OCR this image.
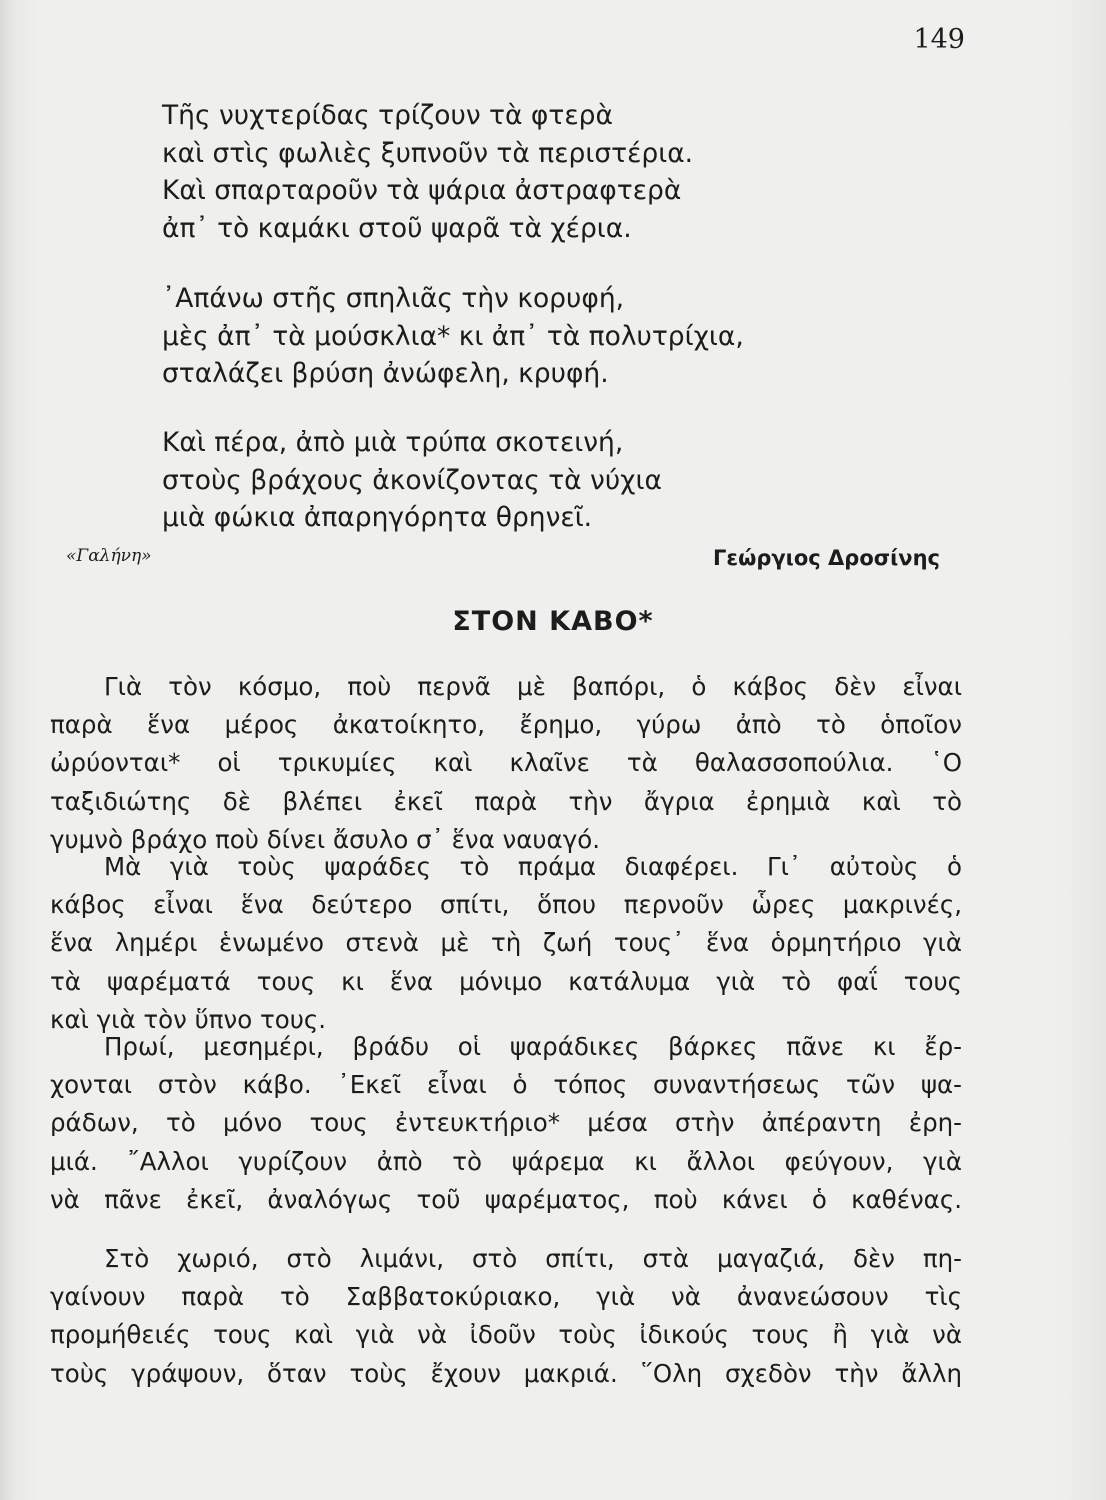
149
Τῆς νυχτερίδας τρίζουν τὰ φτερὰ
καὶ στὶς φωλιὲς ξυπνοῦν τὰ περιστέρια.
Καὶ σπαρταροῦν τὰ ψάρια ἀστραφτερὰ
ἀπ᾿ τὸ καμάκι στοῦ ψαρᾶ τὰ χέρια.
᾿Απάνω στῆς σπηλιᾶς τὴν κορυφή,
μὲς ἀπ᾿ τὰ μούσκλια* κι ἀπ᾿ τὰ πολυτρίχια,
σταλάζει βρύση ἀνώφελη, κρυφή.
Καὶ πέρα, ἀπὸ μιὰ τρύπα σκοτεινή,
στοὺς βράχους ἀκονίζοντας τὰ νύχια
μιὰ φώκια ἀπαρηγόρητα θρηνεῖ.
«Γαλήνη»	Γεώργιος Δροσίνης
ΣΤΟΝ ΚΑΒΟ*
Γιὰ τὸν κόσμο, ποὺ περνᾶ μὲ βαπόρι, ὁ κάβος δὲν εἶναι
παρὰ ἕνα μέρος ἀκατοίκητο, ἔρημο, γύρω ἀπὸ τὸ ὁποῖον
ὠρύονται* οἱ τρικυμίες καὶ κλαῖνε τὰ θαλασσοπούλια. ῾Ο
ταξιδιώτης δὲ βλέπει ἐκεῖ παρὰ τὴν ἄγρια ἐρημιὰ καὶ τὸ
γυμνὸ βράχο ποὺ δίνει ἄσυλο σ᾿ ἕνα ναυαγό.
Μὰ γιὰ τοὺς ψαράδες τὸ πράμα διαφέρει. Γι᾿ αὐτοὺς ὁ
κάβος εἶναι ἕνα δεύτερο σπίτι, ὅπου περνοῦν ὧρες μακρινές,
ἕνα λημέρι ἑνωμένο στενὰ μὲ τὴ ζωή τους᾿ ἕνα ὁρμητήριο γιὰ
τὰ ψαρέματά τους κι ἕνα μόνιμο κατάλυμα γιὰ τὸ φαΐ τους
καὶ γιὰ τὸν ὕπνο τους.
Πρωί, μεσημέρι, βράδυ οἱ ψαράδικες βάρκες πᾶνε κι ἔρ-
χονται στὸν κάβο. ᾿Εκεῖ εἶναι ὁ τόπος συναντήσεως τῶν ψα-
ράδων, τὸ μόνο τους ἐντευκτήριο* μέσα στὴν ἀπέραντη ἐρη-
μιά. ῎Αλλοι γυρίζουν ἀπὸ τὸ ψάρεμα κι ἄλλοι φεύγουν, γιὰ
νὰ πᾶνε ἐκεῖ, ἀναλόγως τοῦ ψαρέματος, ποὺ κάνει ὁ καθένας.
Στὸ χωριό, στὸ λιμάνι, στὸ σπίτι, στὰ μαγαζιά, δὲν πη-
γαίνουν παρὰ τὸ Σαββατοκύριακο, γιὰ νὰ ἀνανεώσουν τὶς
προμήθειές τους καὶ γιὰ νὰ ἰδοῦν τοὺς ἰδικούς τους ἢ γιὰ νὰ
τοὺς γράψουν, ὅταν τοὺς ἔχουν μακριά. ῞Ολη σχεδὸν τὴν ἄλλη
